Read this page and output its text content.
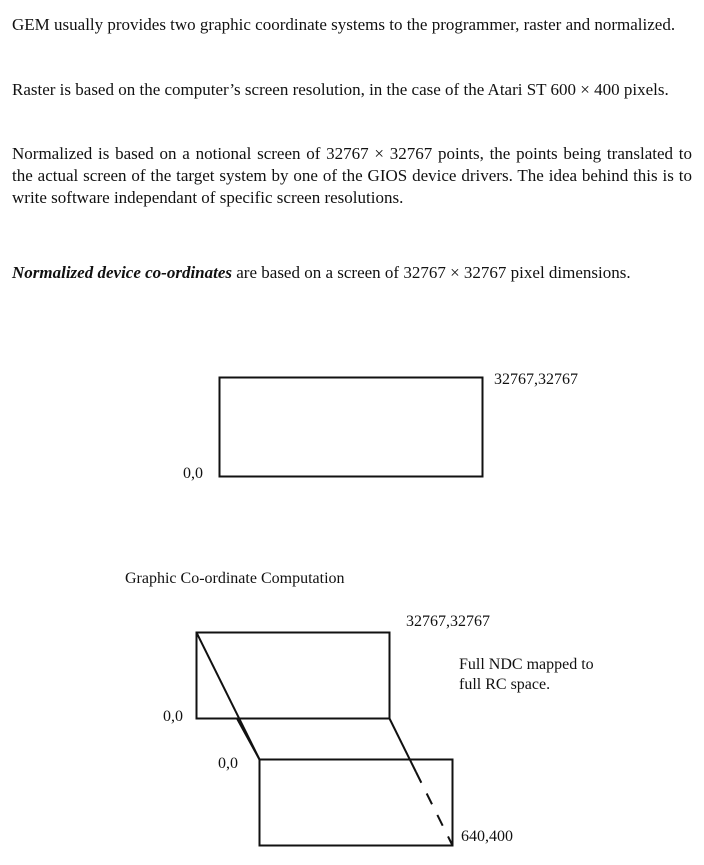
GEM usually provides two graphic coordinate systems to the programmer, raster and normalized.

Raster is based on the computer’s screen resolution, in the case of the Atari ST 600 × 400 pixels.

Normalized is based on a notional screen of 32767 × 32767 points, the points being translated to the actual screen of the target system by one of the GIOS device drivers. The idea behind this is to write software independant of specific screen resolutions.

Normalized device co-ordinates are based on a screen of 32767 × 32767 pixel dimensions.

32767,32767
0,0
Graphic Co-ordinate Computation
32767,32767
0,0
0,0
640,400
Full NDC mapped to
full RC space.
